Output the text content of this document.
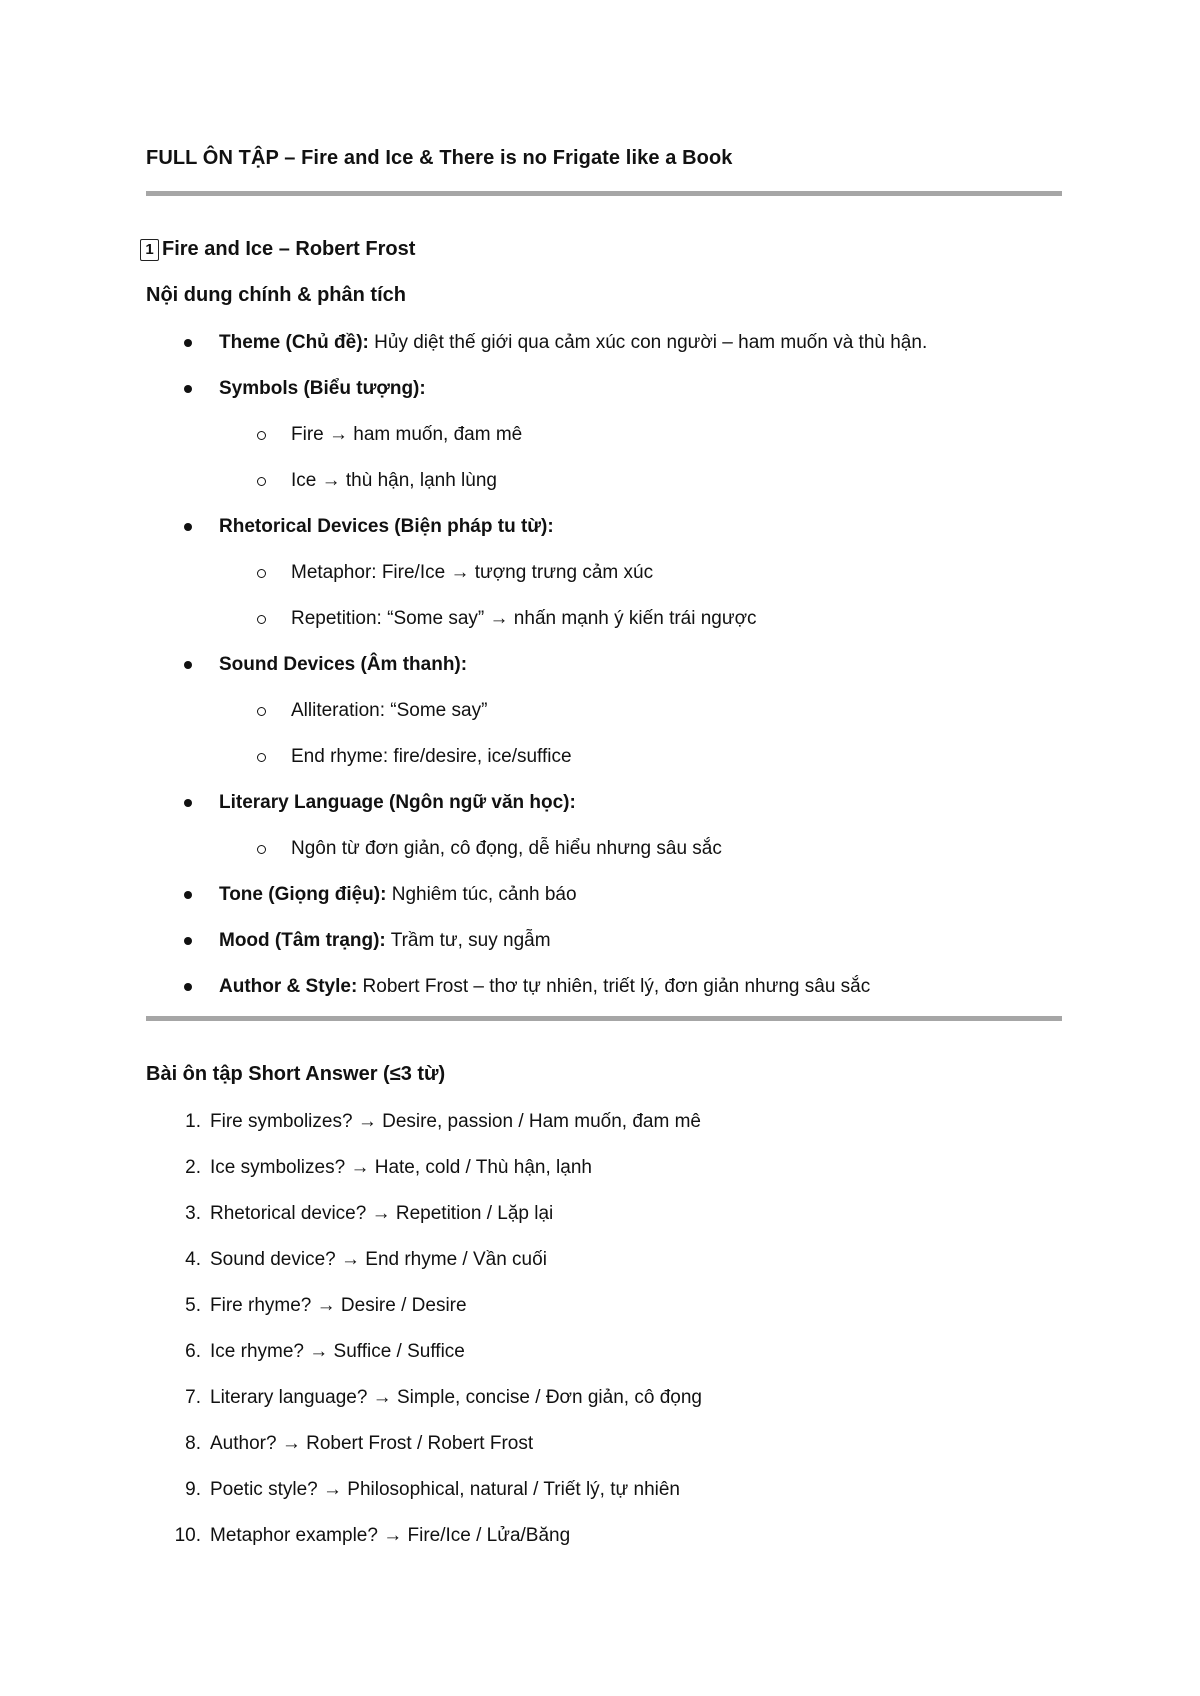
FULL ÔN TẬP – Fire and Ice & There is no Frigate like a Book
1 Fire and Ice – Robert Frost
Nội dung chính & phân tích
Theme (Chủ đề): Hủy diệt thế giới qua cảm xúc con người – ham muốn và thù hận.
Symbols (Biểu tượng):
Fire → ham muốn, đam mê
Ice → thù hận, lạnh lùng
Rhetorical Devices (Biện pháp tu từ):
Metaphor: Fire/Ice → tượng trưng cảm xúc
Repetition: “Some say” → nhấn mạnh ý kiến trái ngược
Sound Devices (Âm thanh):
Alliteration: “Some say”
End rhyme: fire/desire, ice/suffice
Literary Language (Ngôn ngữ văn học):
Ngôn từ đơn giản, cô đọng, dễ hiểu nhưng sâu sắc
Tone (Giọng điệu): Nghiêm túc, cảnh báo
Mood (Tâm trạng): Trầm tư, suy ngẫm
Author & Style: Robert Frost – thơ tự nhiên, triết lý, đơn giản nhưng sâu sắc
Bài ôn tập Short Answer (≤3 từ)
1. Fire symbolizes? → Desire, passion / Ham muốn, đam mê
2. Ice symbolizes? → Hate, cold / Thù hận, lạnh
3. Rhetorical device? → Repetition / Lặp lại
4. Sound device? → End rhyme / Vần cuối
5. Fire rhyme? → Desire / Desire
6. Ice rhyme? → Suffice / Suffice
7. Literary language? → Simple, concise / Đơn giản, cô đọng
8. Author? → Robert Frost / Robert Frost
9. Poetic style? → Philosophical, natural / Triết lý, tự nhiên
10. Metaphor example? → Fire/Ice / Lửa/Băng
